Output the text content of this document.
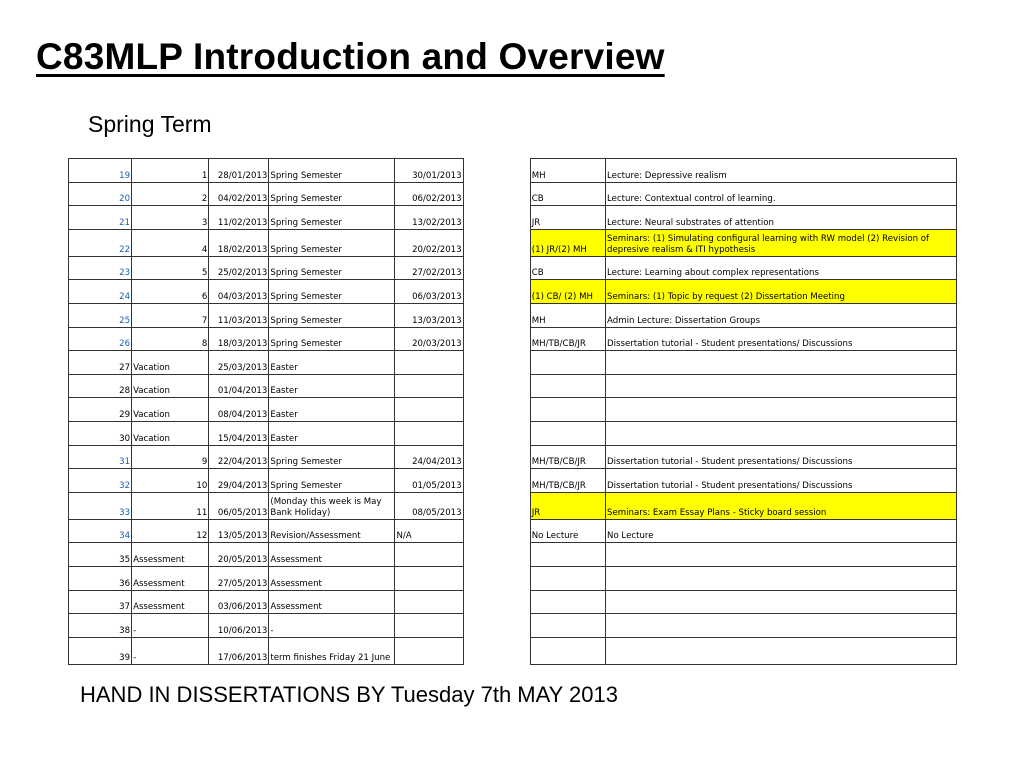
C83MLP Introduction and Overview
Spring Term
19	1	28/01/2013	Spring Semester	30/01/2013		MH	Lecture: Depressive realism
20	2	04/02/2013	Spring Semester	06/02/2013		CB	Lecture: Contextual control of learning.
21	3	11/02/2013	Spring Semester	13/02/2013		JR	Lecture: Neural substrates of attention
22	4	18/02/2013	Spring Semester	20/02/2013		(1) JR/(2) MH	Seminars: (1) Simulating configural learning with RW model (2) Revision of depresive realism & ITI hypothesis
23	5	25/02/2013	Spring Semester	27/02/2013		CB	Lecture: Learning about complex representations
24	6	04/03/2013	Spring Semester	06/03/2013		(1) CB/ (2) MH	Seminars: (1) Topic by request (2) Dissertation Meeting
25	7	11/03/2013	Spring Semester	13/03/2013		MH	Admin Lecture: Dissertation Groups
26	8	18/03/2013	Spring Semester	20/03/2013		MH/TB/CB/JR	Dissertation tutorial - Student presentations/ Discussions
27	Vacation	25/03/2013	Easter				
28	Vacation	01/04/2013	Easter				
29	Vacation	08/04/2013	Easter				
30	Vacation	15/04/2013	Easter				
31	9	22/04/2013	Spring Semester	24/04/2013		MH/TB/CB/JR	Dissertation tutorial - Student presentations/ Discussions
32	10	29/04/2013	Spring Semester	01/05/2013		MH/TB/CB/JR	Dissertation tutorial - Student presentations/ Discussions
33	11	06/05/2013	(Monday this week is May Bank Holiday)	08/05/2013		JR	Seminars: Exam Essay Plans - Sticky board session
34	12	13/05/2013	Revision/Assessment	N/A		No Lecture	No Lecture
35	Assessment	20/05/2013	Assessment				
36	Assessment	27/05/2013	Assessment				
37	Assessment	03/06/2013	Assessment				
38	-	10/06/2013	-				
39	-	17/06/2013	term finishes Friday 21 June				
HAND IN DISSERTATIONS BY Tuesday 7th MAY 2013
